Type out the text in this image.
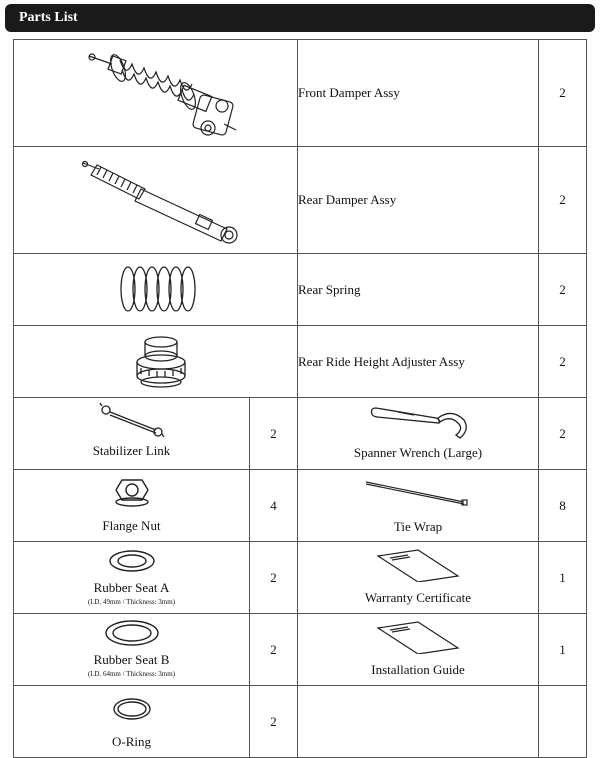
Parts List
	Front Damper Assy	2

	Rear Damper Assy	2

	Rear Spring	2

	Rear Ride Height Adjuster Assy	2

Stabilizer Link	2	Spanner Wrench (Large)	2

Flange Nut	4	Tie Wrap	8

Rubber Seat A
(I.D. 49mm / Thickness: 3mm)	2	Warranty Certificate	1

Rubber Seat B
(I.D. 64mm / Thickness: 3mm)	2	Installation Guide	1

O-Ring	2		
